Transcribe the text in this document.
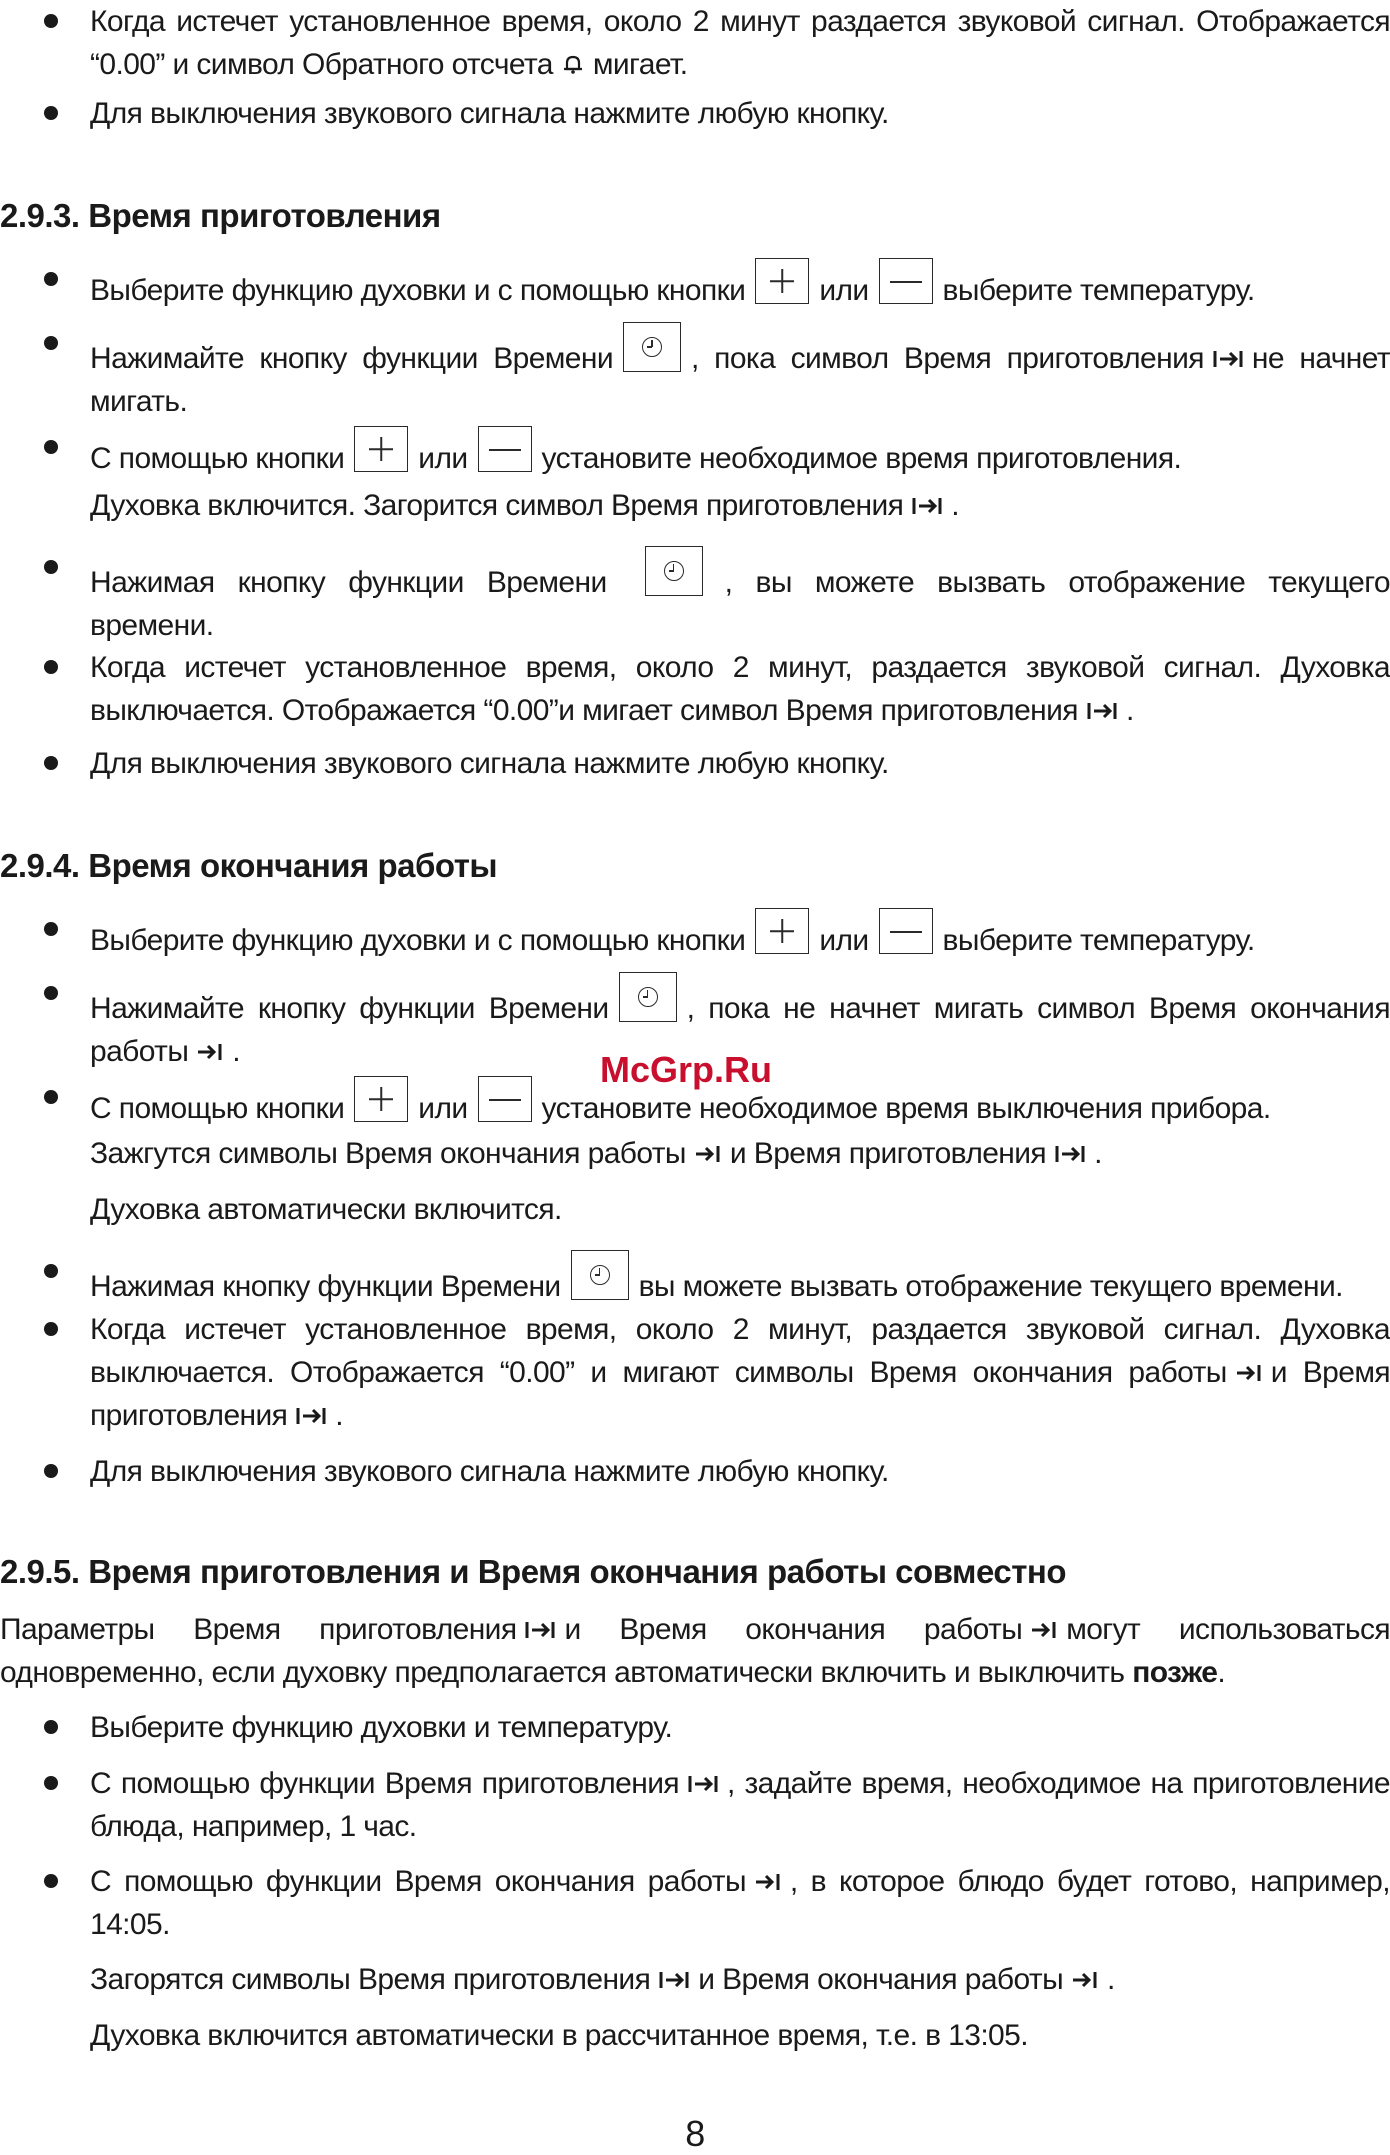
Когда истечет установленное время, около 2 минут раздается звуковой сигнал. Отображается “0.00” и символ Обратного отсчета мигает.
Для выключения звукового сигнала нажмите любую кнопку.
2.9.3. Время приготовления
Выберите функцию духовки и с помощью кнопки или выберите температуру.
Нажимайте кнопку функции Времени	, пока символ Время приготовления не начнет мигать.
С помощью кнопки или установите необходимое время приготовления.
Духовка включится. Загорится символ Время приготовления .
Нажимая кнопку функции Времени	, вы можете вызвать отображение текущего времени.
Когда истечет установленное время, около 2 минут, раздается звуковой сигнал. Духовка выключается. Отображается “0.00”и мигает символ Время приготовления .
Для выключения звукового сигнала нажмите любую кнопку.
2.9.4. Время окончания работы
Выберите функцию духовки и с помощью кнопки или выберите температуру.
Нажимайте кнопку функции Времени	, пока не начнет мигать символ Время окончания работы .
С помощью кнопки или установите необходимое время выключения прибора.
Зажгутся символы Время окончания работы и Время приготовления .
Духовка автоматически включится.
Нажимая кнопку функции Времени	вы можете вызвать отображение текущего времени.
Когда истечет установленное время, около 2 минут, раздается звуковой сигнал. Духовка выключается. Отображается “0.00” и мигают символы Время окончания работы и Время приготовления .
Для выключения звукового сигнала нажмите любую кнопку.
2.9.5. Время приготовления и Время окончания работы совместно
Параметры Время приготовления и Время окончания работы могут использоваться одновременно, если духовку предполагается автоматически включить и выключить позже.
Выберите функцию духовки и температуру.
С помощью функции Время приготовления , задайте время, необходимое на приготовление блюда, например, 1 час.
С помощью функции Время окончания работы , в которое блюдо будет готово, например, 14:05.
Загорятся символы Время приготовления и Время окончания работы .
Духовка включится автоматически в рассчитанное время, т.е. в 13:05.
McGrp.Ru
8
